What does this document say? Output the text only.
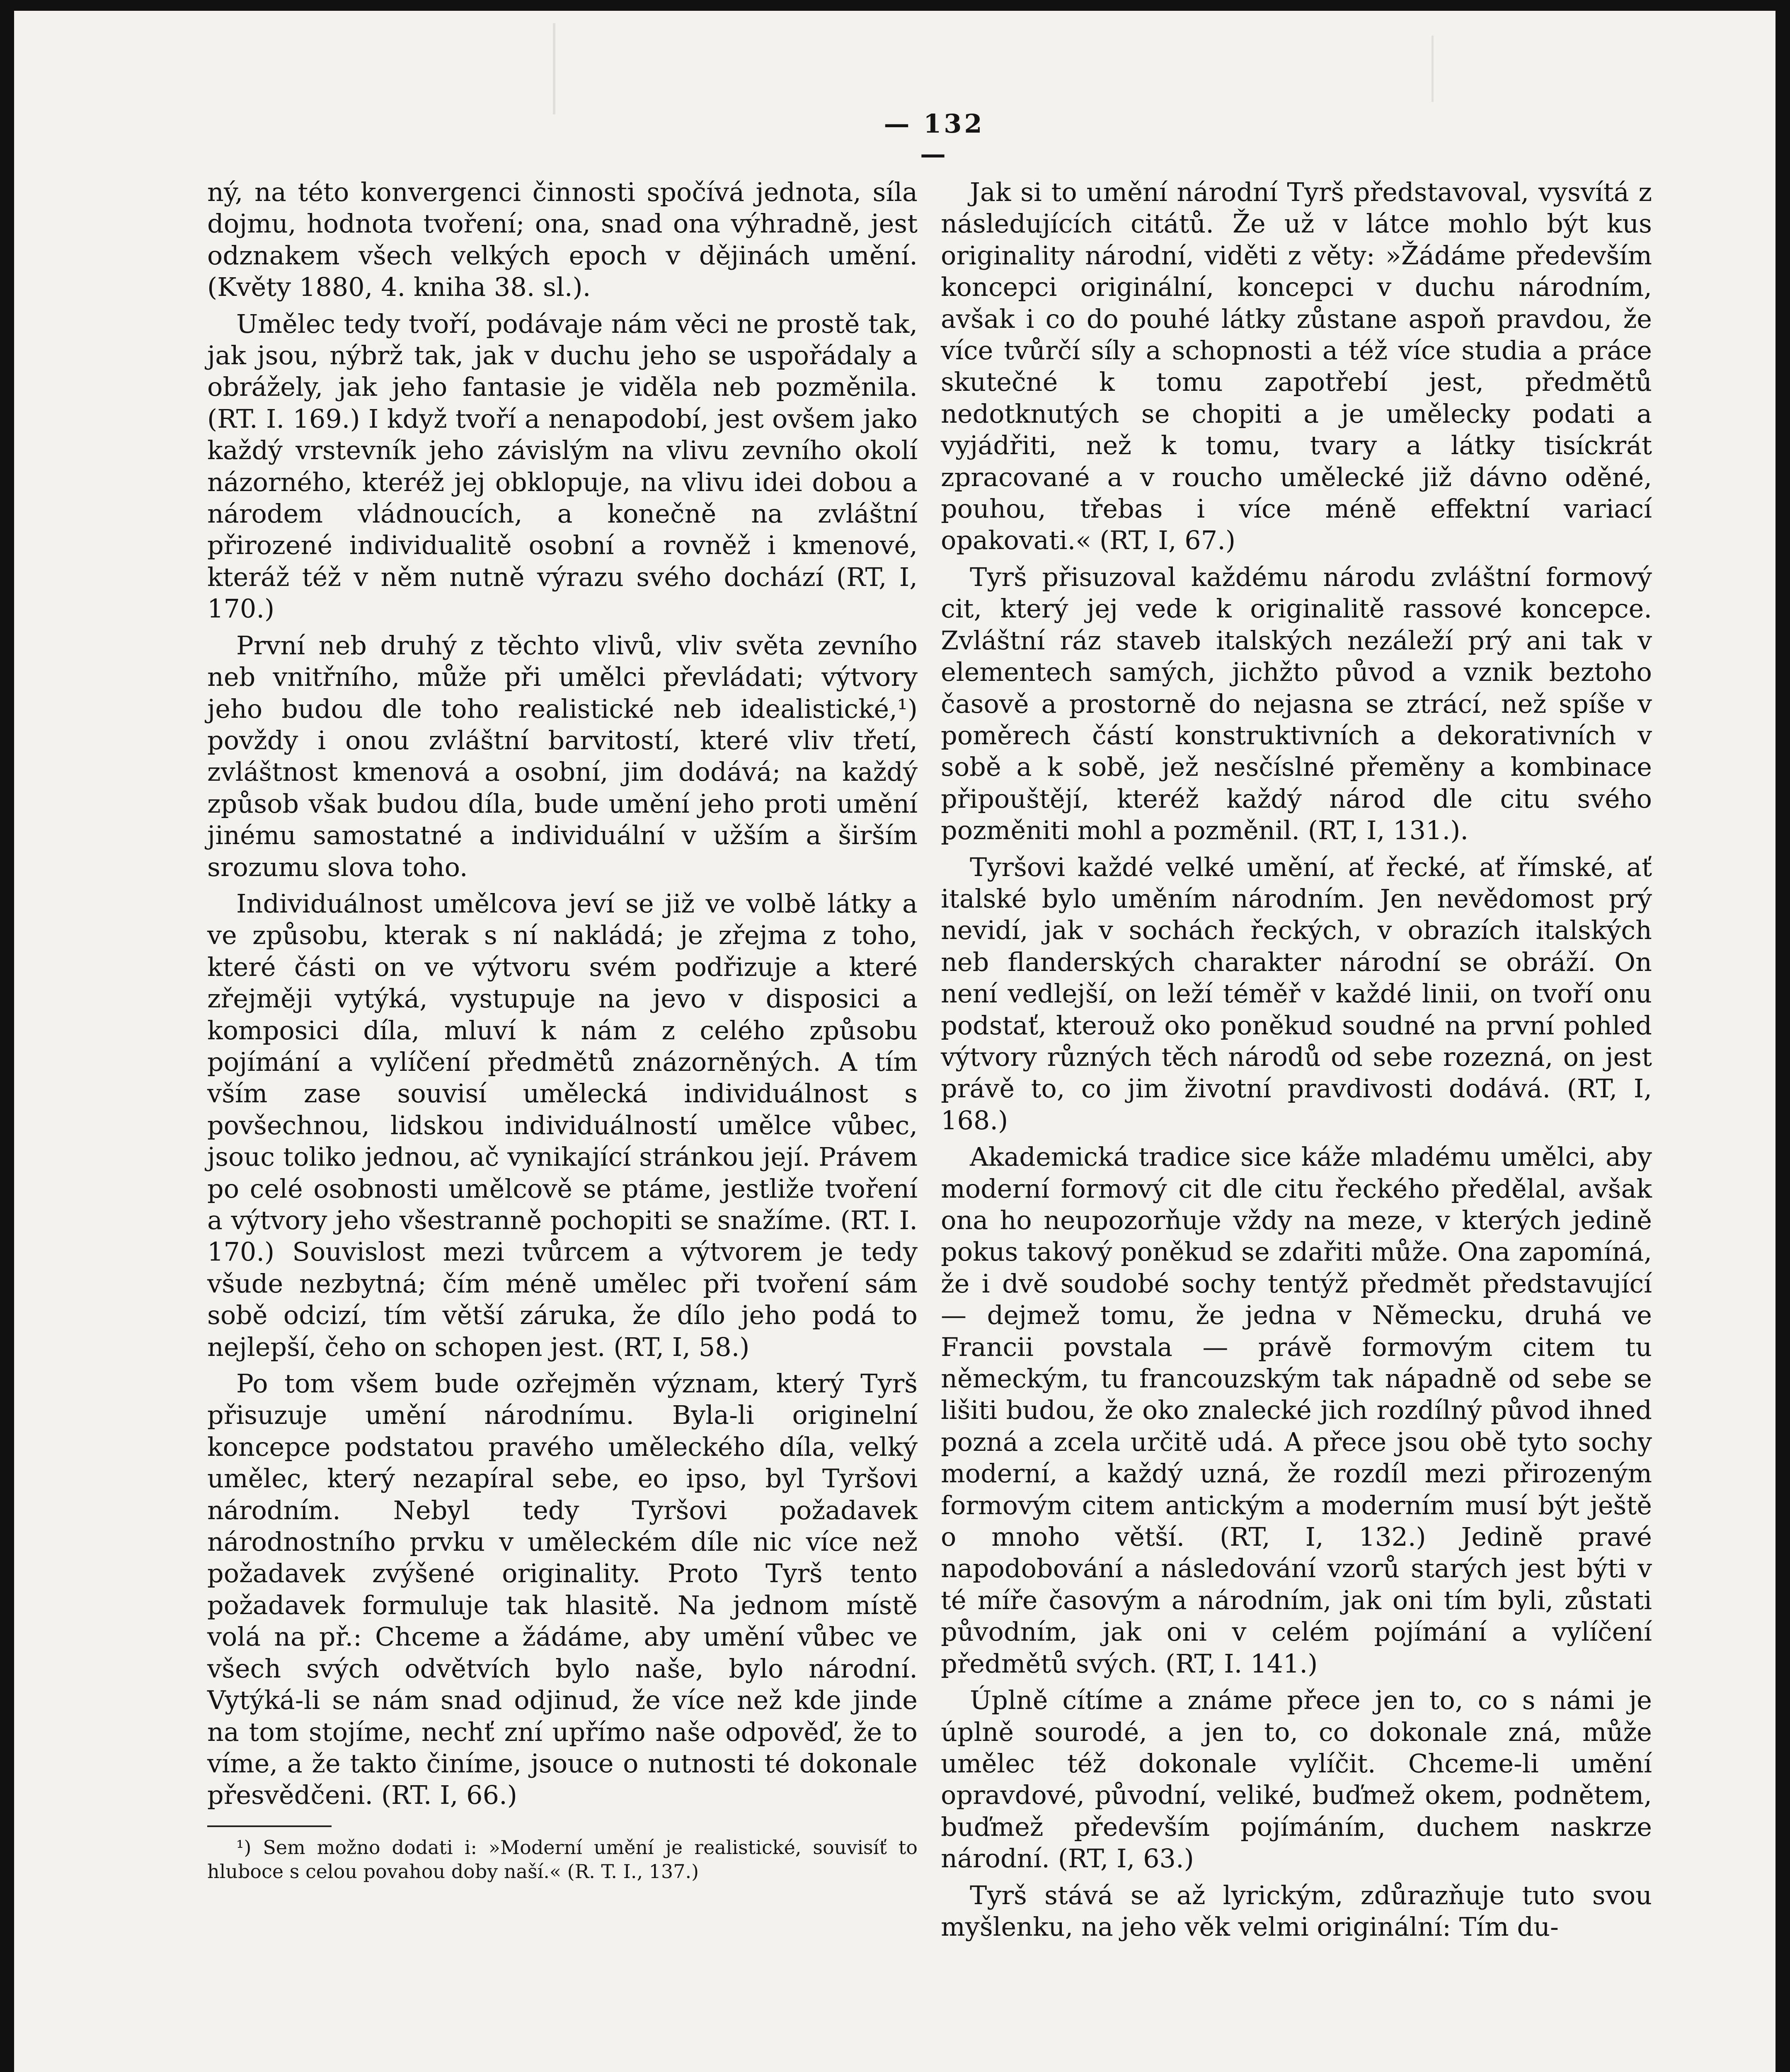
— 132 —

ný, na této konvergenci činnosti spočívá jednota, síla dojmu, hodnota tvoření; ona, snad ona výhradně, jest odznakem všech velkých epoch v dějinách umění. (Květy 1880, 4. kniha 38. sl.).

Umělec tedy tvoří, podávaje nám věci ne prostě tak, jak jsou, nýbrž tak, jak v duchu jeho se uspořádaly a obrážely, jak jeho fantasie je viděla neb pozměnila. (RT. I. 169.) I když tvoří a nenapodobí, jest ovšem jako každý vrstevník jeho závislým na vlivu zevního okolí názorného, kteréž jej obklopuje, na vlivu idei dobou a národem vládnoucích, a konečně na zvláštní přirozené individualitě osobní a rovněž i kmenové, kteráž též v něm nutně výrazu svého dochází (RT, I, 170.)

První neb druhý z těchto vlivů, vliv světa zevního neb vnitřního, může při umělci převládati; výtvory jeho budou dle toho realistické neb idealistické,¹) povždy i onou zvláštní barvitostí, které vliv třetí, zvláštnost kmenová a osobní, jim dodává; na každý způsob však budou díla, bude umění jeho proti umění jinému samostatné a individuální v užším a širším srozumu slova toho.

Individuálnost umělcova jeví se již ve volbě látky a ve způsobu, kterak s ní nakládá; je zřejma z toho, které části on ve výtvoru svém podřizuje a které zřejměji vytýká, vystupuje na jevo v disposici a komposici díla, mluví k nám z celého způsobu pojímání a vylíčení předmětů znázorněných. A tím vším zase souvisí umělecká individuálnost s povšechnou, lidskou individuálností umělce vůbec, jsouc toliko jednou, ač vynikající stránkou její. Právem po celé osobnosti umělcově se ptáme, jestliže tvoření a výtvory jeho všestranně pochopiti se snažíme. (RT. I. 170.) Souvislost mezi tvůrcem a výtvorem je tedy všude nezbytná; čím méně umělec při tvoření sám sobě odcizí, tím větší záruka, že dílo jeho podá to nejlepší, čeho on schopen jest. (RT, I, 58.)

Po tom všem bude ozřejměn význam, který Tyrš přisuzuje umění národnímu. Byla-li originelní koncepce podstatou pravého uměleckého díla, velký umělec, který nezapíral sebe, eo ipso, byl Tyršovi národním. Nebyl tedy Tyršovi požadavek národnostního prvku v uměleckém díle nic více než požadavek zvýšené originality. Proto Tyrš tento požadavek formuluje tak hlasitě. Na jednom místě volá na př.: Chceme a žádáme, aby umění vůbec ve všech svých odvětvích bylo naše, bylo národní. Vytýká-li se nám snad odjinud, že více než kde jinde na tom stojíme, nechť zní upřímo naše odpověď, že to víme, a že takto činíme, jsouce o nutnosti té dokonale přesvědčeni. (RT. I, 66.)

¹) Sem možno dodati i: »Moderní umění je realistické, souvisíť to hluboce s celou povahou doby naší.« (R. T. I., 137.)

Jak si to umění národní Tyrš představoval, vysvítá z následujících citátů. Že už v látce mohlo být kus originality národní, viděti z věty: »Žádáme především koncepci originální, koncepci v duchu národním, avšak i co do pouhé látky zůstane aspoň pravdou, že více tvůrčí síly a schopnosti a též více studia a práce skutečné k tomu zapotřebí jest, předmětů nedotknutých se chopiti a je umělecky podati a vyjádřiti, než k tomu, tvary a látky tisíckrát zpracované a v roucho umělecké již dávno oděné, pouhou, třebas i více méně effektní variací opakovati.« (RT, I, 67.)

Tyrš přisuzoval každému národu zvláštní formový cit, který jej vede k originalitě rassové koncepce. Zvláštní ráz staveb italských nezáleží prý ani tak v elementech samých, jichžto původ a vznik beztoho časově a prostorně do nejasna se ztrácí, než spíše v poměrech částí konstruktivních a dekorativních v sobě a k sobě, jež nesčíslné přeměny a kombinace připouštějí, kteréž každý národ dle citu svého pozměniti mohl a pozměnil. (RT, I, 131.).

Tyršovi každé velké umění, ať řecké, ať římské, ať italské bylo uměním národním. Jen nevědomost prý nevidí, jak v sochách řeckých, v obrazích italských neb flanderských charakter národní se obráží. On není vedlejší, on leží téměř v každé linii, on tvoří onu podstať, kterouž oko poněkud soudné na první pohled výtvory různých těch národů od sebe rozezná, on jest právě to, co jim životní pravdivosti dodává. (RT, I, 168.)

Akademická tradice sice káže mladému umělci, aby moderní formový cit dle citu řeckého předělal, avšak ona ho neupozorňuje vždy na meze, v kterých jedině pokus takový poněkud se zdařiti může. Ona zapomíná, že i dvě soudobé sochy tentýž předmět představující — dejmež tomu, že jedna v Německu, druhá ve Francii povstala — právě formovým citem tu německým, tu francouzským tak nápadně od sebe se lišiti budou, že oko znalecké jich rozdílný původ ihned pozná a zcela určitě udá. A přece jsou obě tyto sochy moderní, a každý uzná, že rozdíl mezi přirozeným formovým citem antickým a moderním musí být ještě o mnoho větší. (RT, I, 132.) Jedině pravé napodobování a následování vzorů starých jest býti v té míře časovým a národním, jak oni tím byli, zůstati původním, jak oni v celém pojímání a vylíčení předmětů svých. (RT, I. 141.)

Úplně cítíme a známe přece jen to, co s námi je úplně sourodé, a jen to, co dokonale zná, může umělec též dokonale vylíčit. Chceme-li umění opravdové, původní, veliké, buďmež okem, podnětem, buďmež především pojímáním, duchem naskrze národní. (RT, I, 63.)

Tyrš stává se až lyrickým, zdůrazňuje tuto svou myšlenku, na jeho věk velmi originální: Tím du-
